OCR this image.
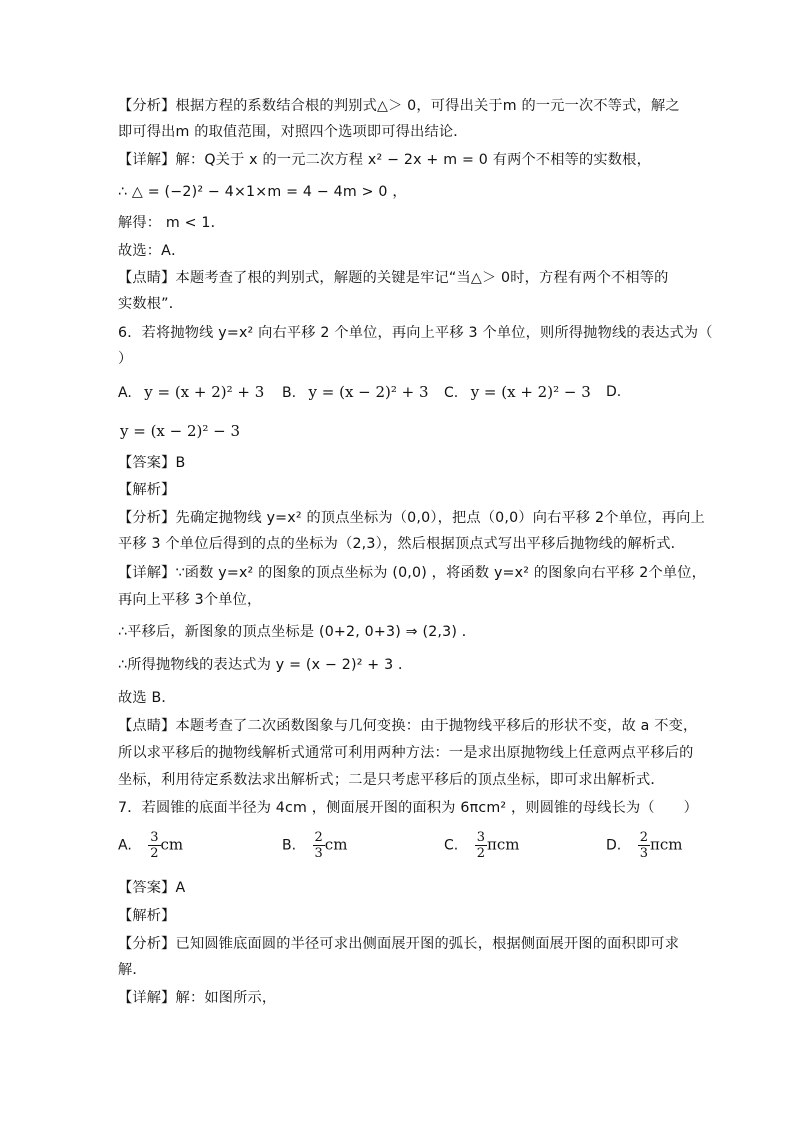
【分析】根据方程的系数结合根的判别式△＞ 0，可得出关于m 的一元一次不等式，解之
即可得出m 的取值范围，对照四个选项即可得出结论．
【详解】解：Q关于 x 的一元二次方程 x² − 2x + m = 0 有两个不相等的实数根，
∴ △ = (−2)² − 4×1×m = 4 − 4m > 0 ，
解得： m < 1．
故选：A．
【点睛】本题考查了根的判别式，解题的关键是牢记“当△＞ 0时，方程有两个不相等的
实数根”．
6．若将抛物线 y=x² 向右平移 2 个单位，再向上平移 3 个单位，则所得抛物线的表达式为（
）
A. y = (x + 2)² + 3 B. y = (x − 2)² + 3 C. y = (x + 2)² − 3 D.
y = (x − 2)² − 3
【答案】B
【解析】
【分析】先确定抛物线 y=x² 的顶点坐标为（0,0），把点（0,0）向右平移 2个单位，再向上
平移 3 个单位后得到的点的坐标为（2,3），然后根据顶点式写出平移后抛物线的解析式．
【详解】∵函数 y=x² 的图象的顶点坐标为 (0,0) ，将函数 y=x² 的图象向右平移 2个单位，
再向上平移 3个单位，
∴平移后，新图象的顶点坐标是 (0+2, 0+3) ⇒ (2,3) ．
∴所得抛物线的表达式为 y = (x − 2)² + 3 ．
故选 B．
【点睛】本题考查了二次函数图象与几何变换：由于抛物线平移后的形状不变，故 a 不变，
所以求平移后的抛物线解析式通常可利用两种方法：一是求出原抛物线上任意两点平移后的
坐标，利用待定系数法求出解析式；二是只考虑平移后的顶点坐标，即可求出解析式．
7．若圆锥的底面半径为 4cm ，侧面展开图的面积为 6πcm² ，则圆锥的母线长为（　　）
A. $\frac{3}{2}$ cm	B. $\frac{2}{3}$ cm	C. $\frac{3}{2}$ πcm	D. $\frac{2}{3}$ πcm
【答案】A
【解析】
【分析】已知圆锥底面圆的半径可求出侧面展开图的弧长，根据侧面展开图的面积即可求
解．
【详解】解：如图所示，
